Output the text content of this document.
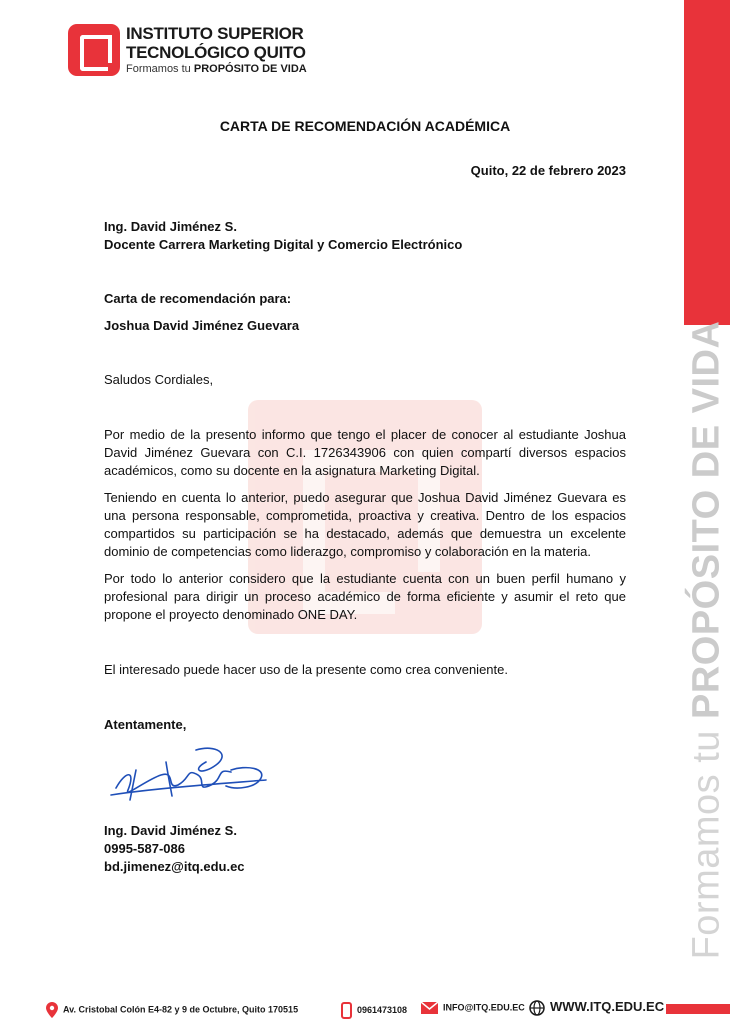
Formamos tu PROPÓSITO DE VIDA
INSTITUTO SUPERIOR
TECNOLÓGICO QUITO
Formamos tu PROPÓSITO DE VIDA
CARTA DE RECOMENDACIÓN ACADÉMICA
Quito, 22 de febrero 2023
Ing. David Jiménez S.
Docente Carrera Marketing Digital y Comercio Electrónico
Carta de recomendación para:
Joshua David Jiménez Guevara
Saludos Cordiales,

Por medio de la presento informo que tengo el placer de conocer al estudiante Joshua David Jiménez Guevara con C.I. 1726343906 con quien compartí diversos espacios académicos, como su docente en la asignatura Marketing Digital.

Teniendo en cuenta lo anterior, puedo asegurar que Joshua David Jiménez Guevara es una persona responsable, comprometida, proactiva y creativa. Dentro de los espacios compartidos su participación se ha destacado, además que demuestra un excelente dominio de competencias como liderazgo, compromiso y colaboración en la materia.

Por todo lo anterior considero que la estudiante cuenta con un buen perfil humano y profesional para dirigir un proceso académico de forma eficiente y asumir el reto que propone el proyecto denominado ONE DAY.

El interesado puede hacer uso de la presente como crea conveniente.
Atentamente,
Ing. David Jiménez S.
0995-587-086
bd.jimenez@itq.edu.ec
Av. Cristobal Colón E4-82 y 9 de Octubre, Quito 170515	0961473108	INFO@ITQ.EDU.EC	WWW.ITQ.EDU.EC
